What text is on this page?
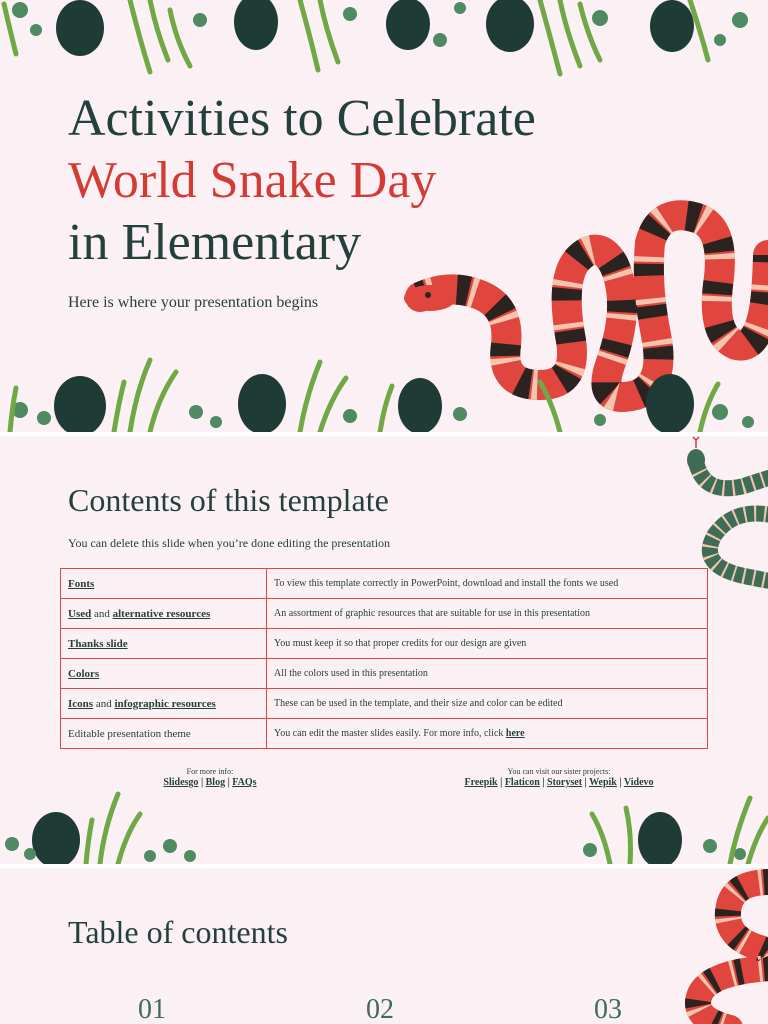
Activities to Celebrate
World Snake Day
in Elementary
Here is where your presentation begins
Contents of this template
You can delete this slide when you’re done editing the presentation
Fonts	To view this template correctly in PowerPoint, download and install the fonts we used
Used and alternative resources	An assortment of graphic resources that are suitable for use in this presentation
Thanks slide	You must keep it so that proper credits for our design are given
Colors	All the colors used in this presentation
Icons and infographic resources	These can be used in the template, and their size and color can be edited
Editable presentation theme	You can edit the master slides easily. For more info, click here
For more info:
Slidesgo | Blog | FAQs
You can visit our sister projects:
Freepik | Flaticon | Storyset | Wepik | Videvo
Table of contents
01	02	03
